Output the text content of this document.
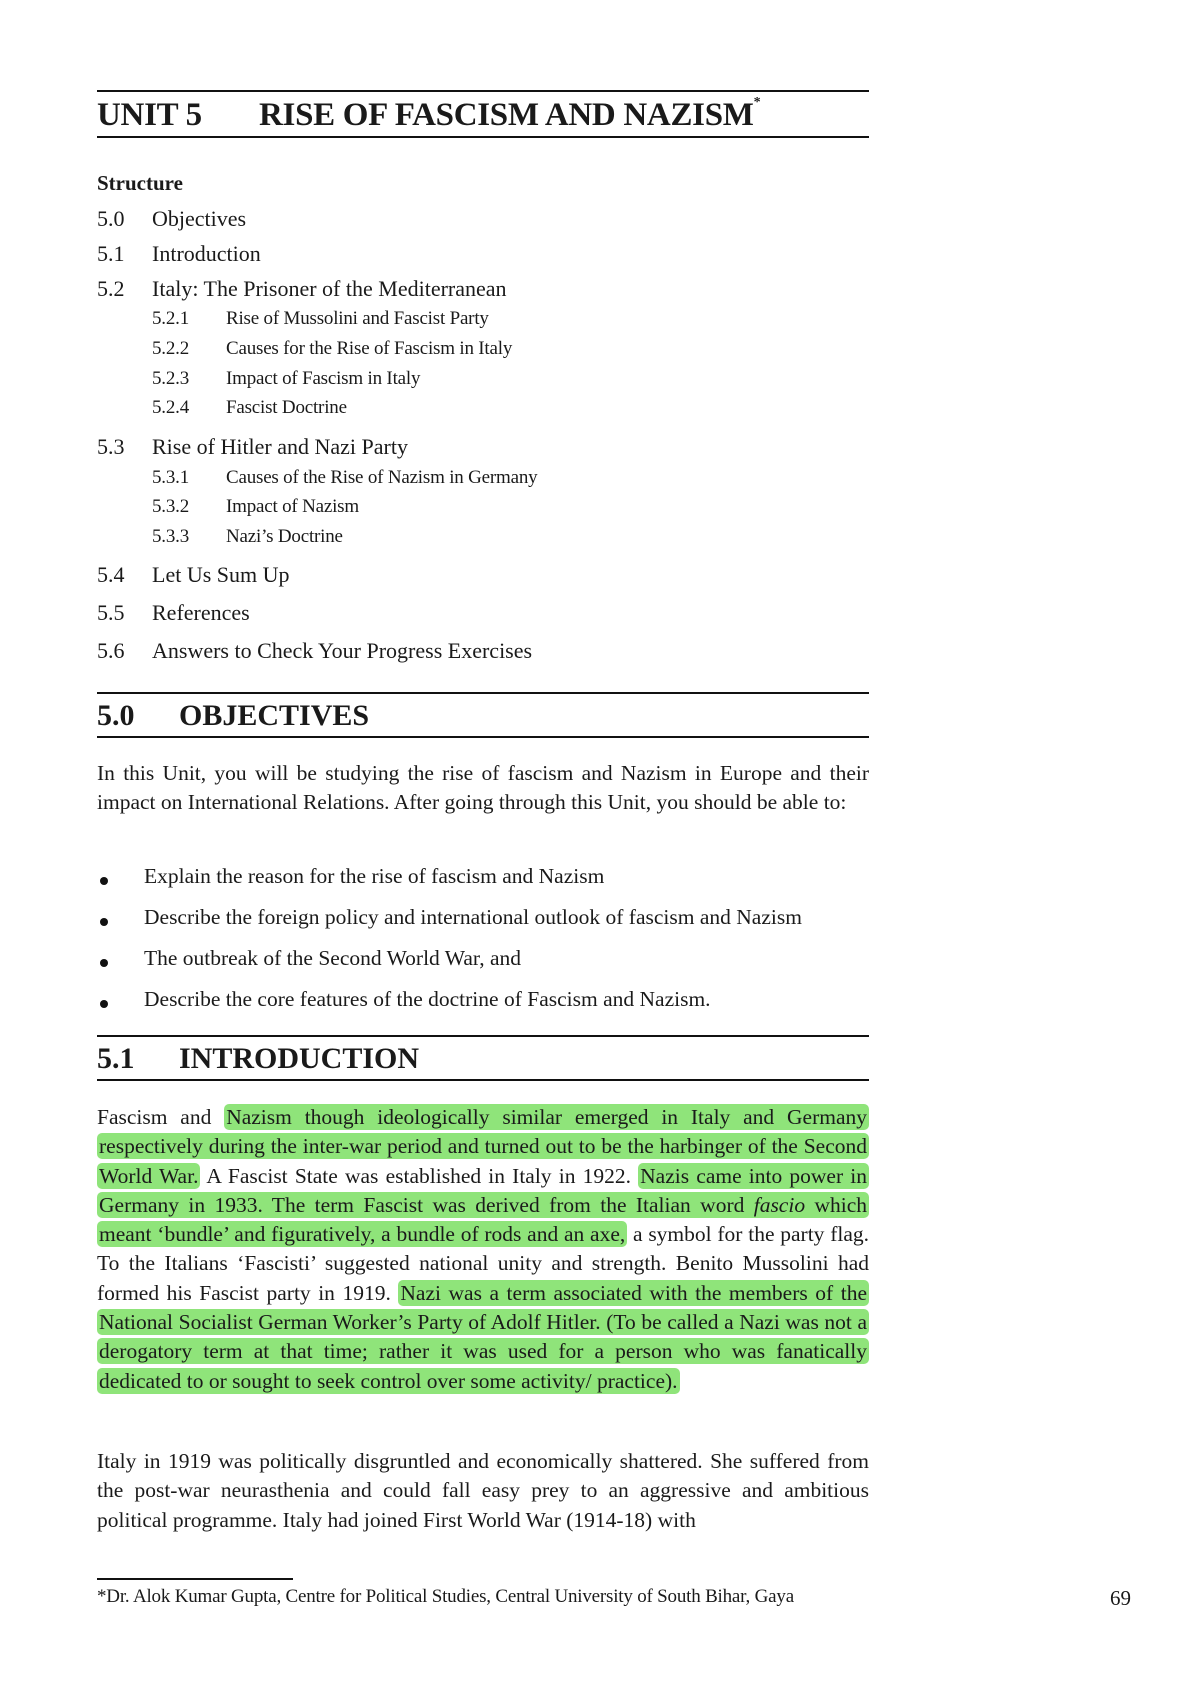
UNIT 5 RISE OF FASCISM AND NAZISM*
Structure
5.0 Objectives
5.1 Introduction
5.2 Italy: The Prisoner of the Mediterranean
5.2.1 Rise of Mussolini and Fascist Party
5.2.2 Causes for the Rise of Fascism in Italy
5.2.3 Impact of Fascism in Italy
5.2.4 Fascist Doctrine
5.3 Rise of Hitler and Nazi Party
5.3.1 Causes of the Rise of Nazism in Germany
5.3.2 Impact of Nazism
5.3.3 Nazi’s Doctrine
5.4 Let Us Sum Up
5.5 References
5.6 Answers to Check Your Progress Exercises
5.0 OBJECTIVES
In this Unit, you will be studying the rise of fascism and Nazism in Europe and their impact on International Relations. After going through this Unit, you should be able to:
Explain the reason for the rise of fascism and Nazism
Describe the foreign policy and international outlook of fascism and Nazism
The outbreak of the Second World War, and
Describe the core features of the doctrine of Fascism and Nazism.
5.1 INTRODUCTION
Fascism and Nazism though ideologically similar emerged in Italy and Germany respectively during the inter-war period and turned out to be the harbinger of the Second World War. A Fascist State was established in Italy in 1922. Nazis came into power in Germany in 1933. The term Fascist was derived from the Italian word fascio which meant ‘bundle’ and figuratively, a bundle of rods and an axe, a symbol for the party flag. To the Italians ‘Fascisti’ suggested national unity and strength. Benito Mussolini had formed his Fascist party in 1919. Nazi was a term associated with the members of the National Socialist German Worker’s Party of Adolf Hitler. (To be called a Nazi was not a derogatory term at that time; rather it was used for a person who was fanatically dedicated to or sought to seek control over some activity/ practice).
Italy in 1919 was politically disgruntled and economically shattered. She suffered from the post-war neurasthenia and could fall easy prey to an aggressive and ambitious political programme. Italy had joined First World War (1914-18) with
*Dr. Alok Kumar Gupta, Centre for Political Studies, Central University of South Bihar, Gaya	69
